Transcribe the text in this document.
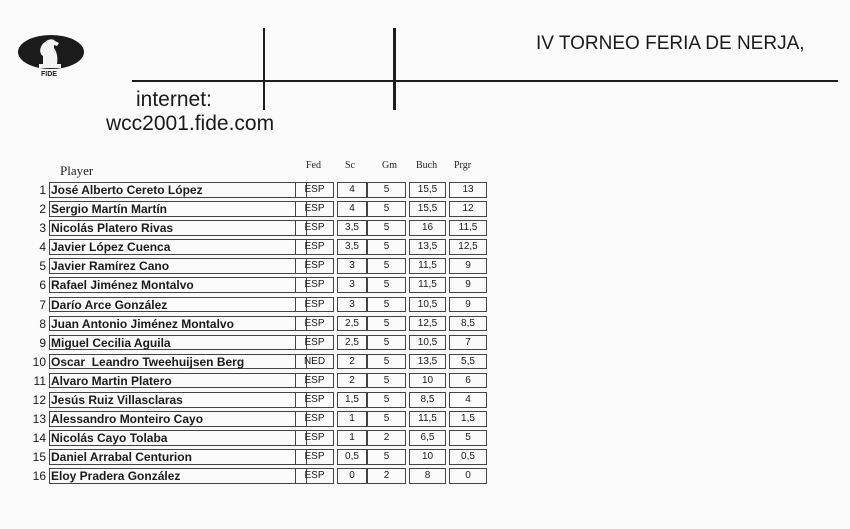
FIDE
IV TORNEO FERIA DE NERJA,
internet:
wcc2001.fide.com
Player	Fed Sc	Gm Buch Prgr
1 José Alberto Cereto López	ESP	4	5	15,5	13
2 Sergio Martín Martín	ESP	4	5	15,5	12
3 Nicolás Platero Rivas	ESP	3,5	5	16	11,5
4 Javier López Cuenca	ESP	3,5	5	13,5	12,5
5 Javier Ramírez Cano	ESP	3	5	11,5	9
6 Rafael Jiménez Montalvo	ESP	3	5	11,5	9
7 Darío Arce González	ESP	3	5	10,5	9
8 Juan Antonio Jiménez Montalvo	ESP	2,5	5	12,5	8,5
9 Miguel Cecilia Aguila	ESP	2,5	5	10,5	7
10 Oscar  Leandro Tweehuijsen Berg	NED	2	5	13,5	5,5
11 Alvaro Martin Platero	ESP	2	5	10	6
12 Jesús Ruiz Villasclaras	ESP	1,5	5	8,5	4
13 Alessandro Monteiro Cayo	ESP	1	5	11,5	1,5
14 Nicolás Cayo Tolaba	ESP	1	2	6,5	5
15 Daniel Arrabal Centurion	ESP	0,5	5	10	0,5
16 Eloy Pradera González	ESP	0	2	8	0
